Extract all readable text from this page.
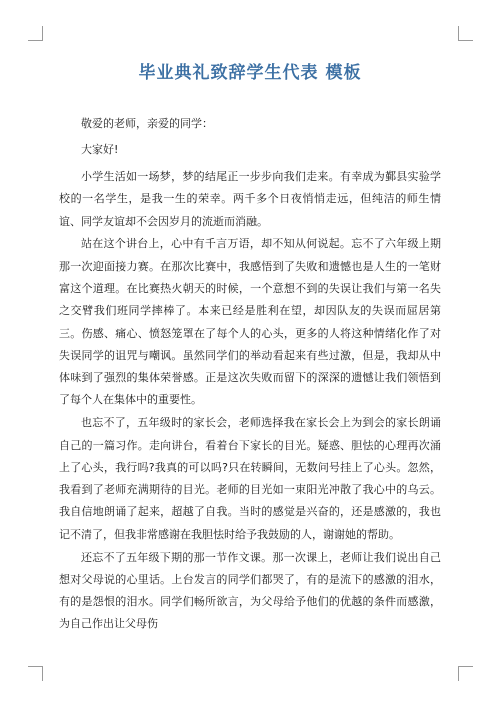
毕业典礼致辞学生代表 模板

敬爱的老师，亲爱的同学：

大家好!

小学生活如一场梦，梦的结尾正一步步向我们走来。有幸成为鄞县实验学校的一名学生，是我一生的荣幸。两千多个日夜悄悄走远，但纯洁的师生情谊、同学友谊却不会因岁月的流逝而消融。

站在这个讲台上，心中有千言万语，却不知从何说起。忘不了六年级上期那一次迎面接力赛。在那次比赛中，我感悟到了失败和遗憾也是人生的一笔财富这个道理。在比赛热火朝天的时候，一个意想不到的失误让我们与第一名失之交臂我们班同学摔棒了。本来已经是胜利在望，却因队友的失误而屈居第三。伤感、痛心、愤怒笼罩在了每个人的心头，更多的人将这种情绪化作了对失误同学的诅咒与嘲讽。虽然同学们的举动看起来有些过激，但是，我却从中体味到了强烈的集体荣誉感。正是这次失败而留下的深深的遗憾让我们领悟到了每个人在集体中的重要性。

也忘不了，五年级时的家长会，老师选择我在家长会上为到会的家长朗诵自己的一篇习作。走向讲台，看着台下家长的目光。疑惑、胆怯的心理再次涌上了心头，我行吗?我真的可以吗?只在转瞬间，无数问号挂上了心头。忽然，我看到了老师充满期待的目光。老师的目光如一束阳光冲散了我心中的乌云。我自信地朗诵了起来，超越了自我。当时的感觉是兴奋的，还是感激的，我也记不清了，但我非常感谢在我胆怯时给予我鼓励的人，谢谢她的帮助。

还忘不了五年级下期的那一节作文课。那一次课上，老师让我们说出自己想对父母说的心里话。上台发言的同学们都哭了，有的是流下的感激的泪水，有的是怨恨的泪水。同学们畅所欲言，为父母给予他们的优越的条件而感激，为自己作出让父母伤
